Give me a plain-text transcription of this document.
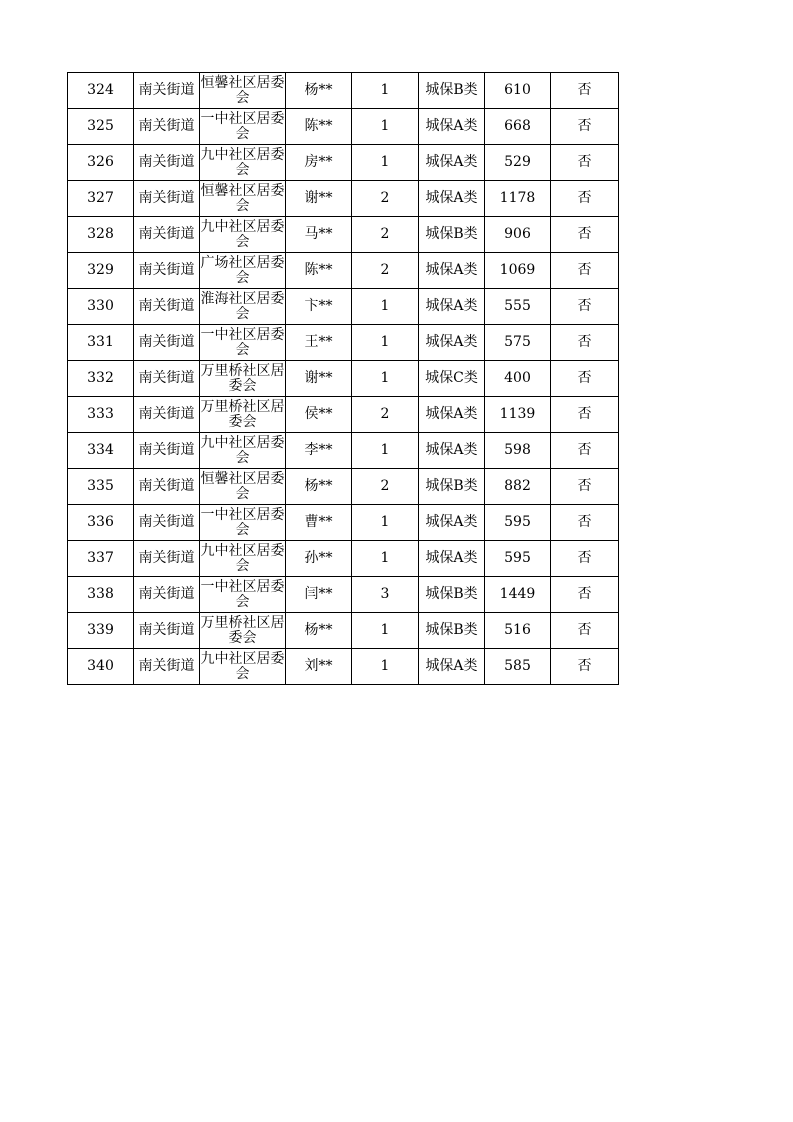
324	南关街道	恒馨社区居委会	杨**	1	城保B类	610	否
325	南关街道	一中社区居委会	陈**	1	城保A类	668	否
326	南关街道	九中社区居委会	房**	1	城保A类	529	否
327	南关街道	恒馨社区居委会	谢**	2	城保A类	1178	否
328	南关街道	九中社区居委会	马**	2	城保B类	906	否
329	南关街道	广场社区居委会	陈**	2	城保A类	1069	否
330	南关街道	淮海社区居委会	卞**	1	城保A类	555	否
331	南关街道	一中社区居委会	王**	1	城保A类	575	否
332	南关街道	万里桥社区居委会	谢**	1	城保C类	400	否
333	南关街道	万里桥社区居委会	侯**	2	城保A类	1139	否
334	南关街道	九中社区居委会	李**	1	城保A类	598	否
335	南关街道	恒馨社区居委会	杨**	2	城保B类	882	否
336	南关街道	一中社区居委会	曹**	1	城保A类	595	否
337	南关街道	九中社区居委会	孙**	1	城保A类	595	否
338	南关街道	一中社区居委会	闫**	3	城保B类	1449	否
339	南关街道	万里桥社区居委会	杨**	1	城保B类	516	否
340	南关街道	九中社区居委会	刘**	1	城保A类	585	否
